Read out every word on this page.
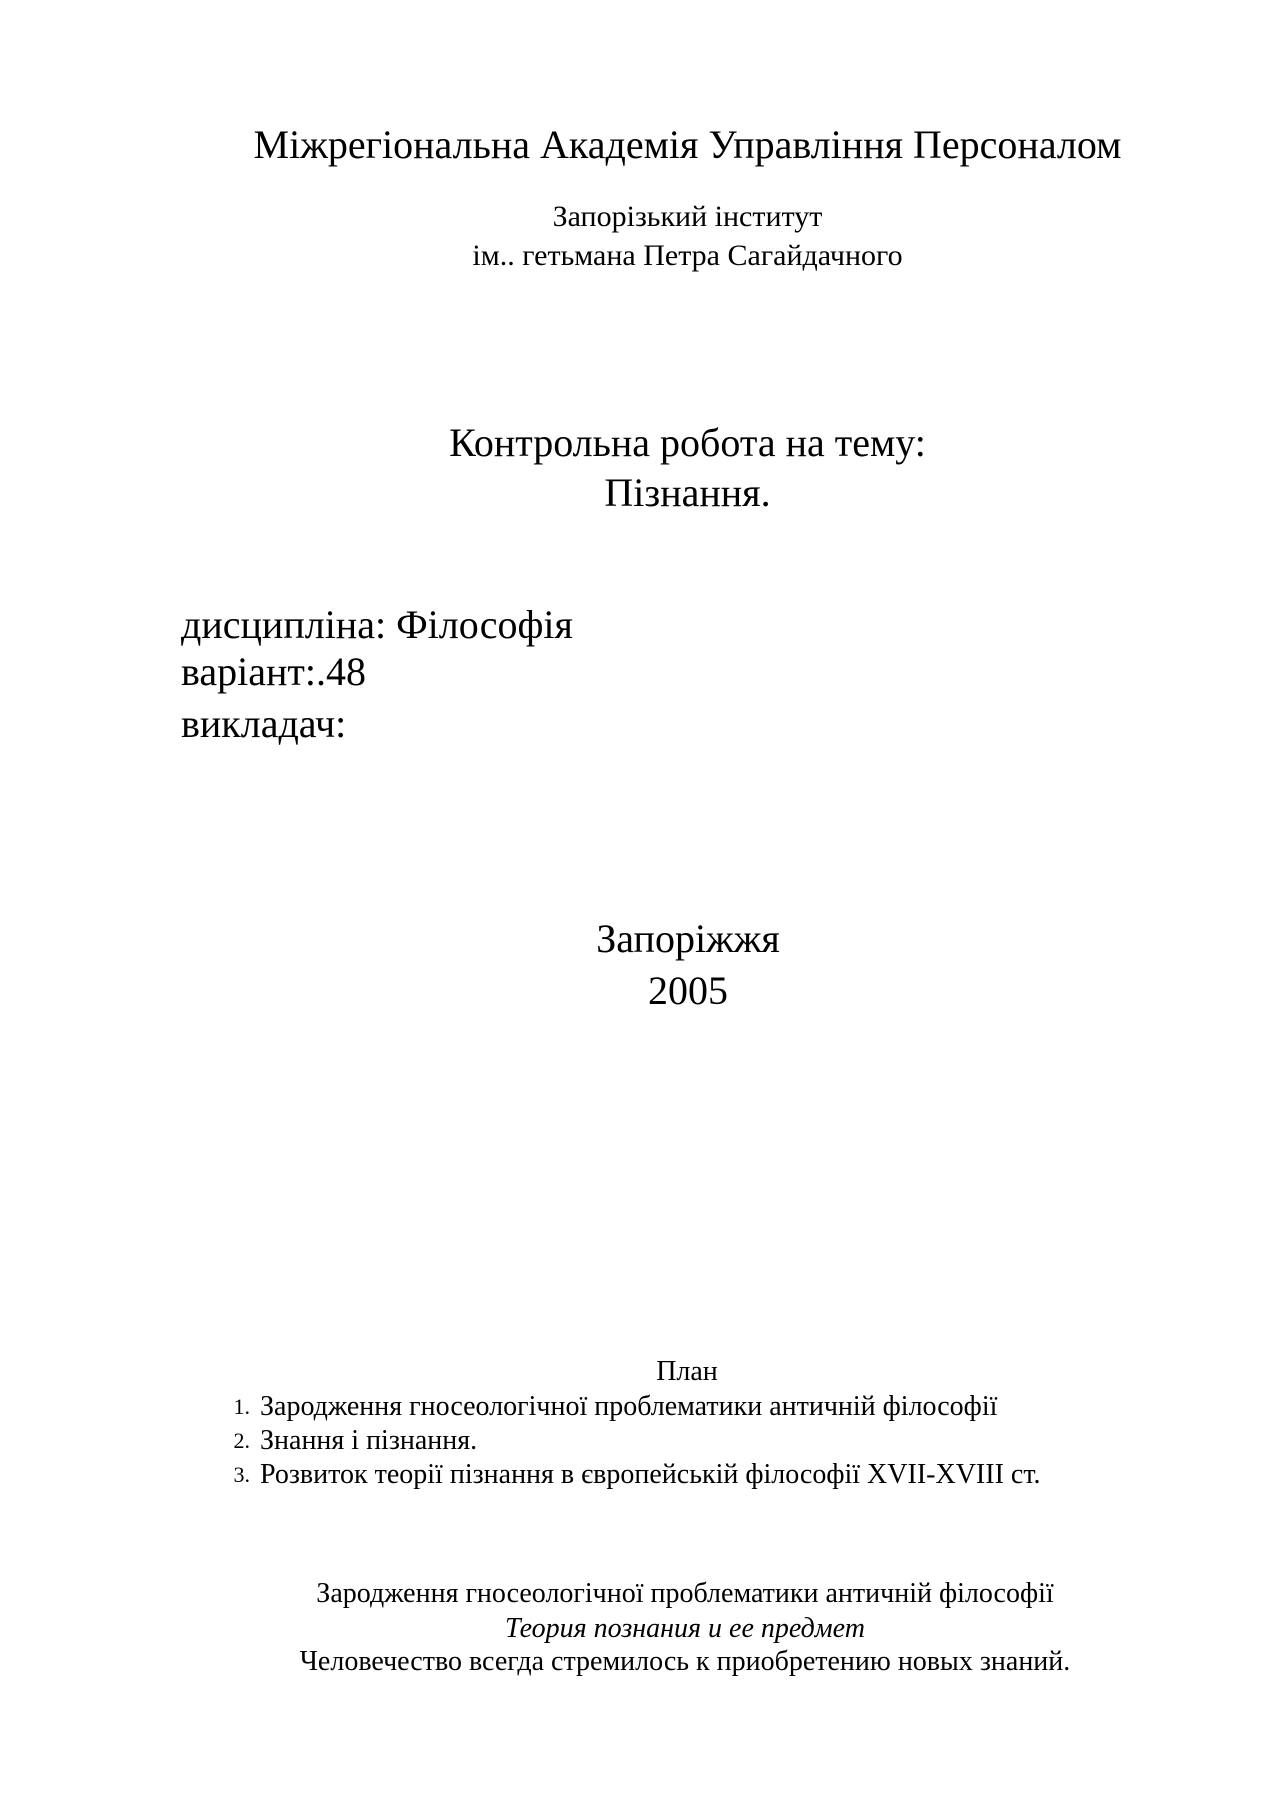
Міжрегіональна Академія Управління Персоналом

Запорізький інститут

ім.. гетьмана Петра Сагайдачного

Контрольна робота на тему:

Пізнання.

дисципліна: Філософія

варіант:.48

викладач:

Запоріжжя

2005

План

1. Зародження гносеологічної проблематики античній філософії
2. Знання і пізнання.
3. Розвиток теорії пізнання в європейській філософії XVII-XVIII ст.

Зародження гносеологічної проблематики античній філософії

Теория познания и ее предмет

Человечество всегда стремилось к приобретению новых знаний.
